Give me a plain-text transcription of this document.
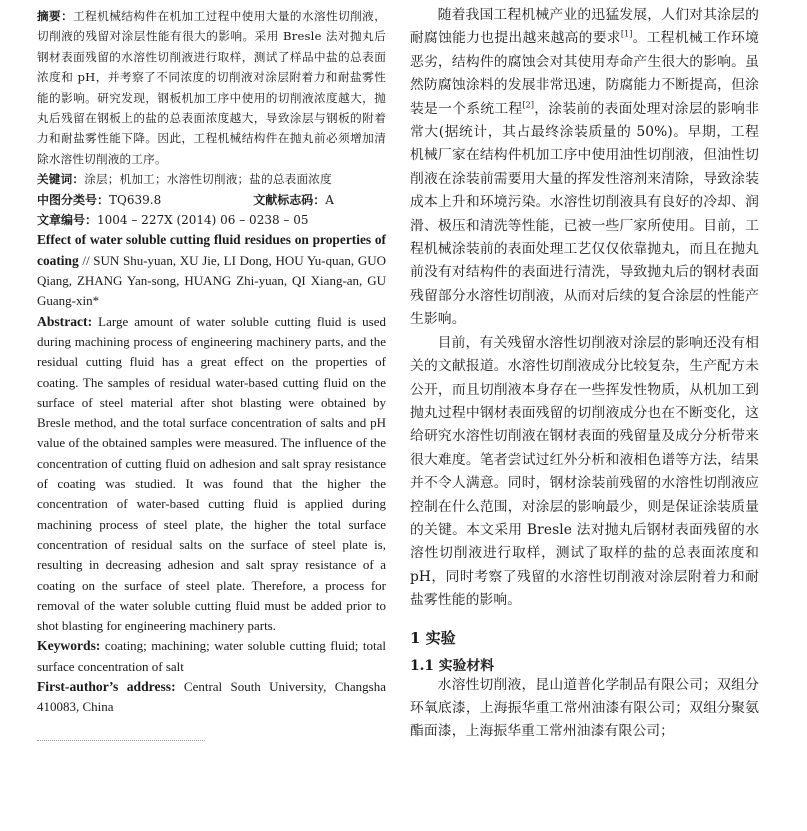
摘要：工程机械结构件在机加工过程中使用大量的水溶性切削液，切削液的残留对涂层性能有很大的影响。采用 Bresle 法对抛丸后钢材表面残留的水溶性切削液进行取样，测试了样品中盐的总表面浓度和 pH，并考察了不同浓度的切削液对涂层附着力和耐盐雾性能的影响。研究发现，钢板机加工序中使用的切削液浓度越大，抛丸后残留在钢板上的盐的总表面浓度越大，导致涂层与钢板的附着力和耐盐雾性能下降。因此，工程机械结构件在抛丸前必须增加清除水溶性切削液的工序。

关键词：涂层；机加工；水溶性切削液；盐的总表面浓度

中图分类号：TQ639.8	文献标志码：A

文章编号：1004 – 227X (2014) 06 – 0238 – 05

Effect of water soluble cutting fluid residues on properties of coating // SUN Shu-yuan, XU Jie, LI Dong, HOU Yu-quan, GUO Qiang, ZHANG Yan-song, HUANG Zhi-yuan, QI Xiang-an, GU Guang-xin*

Abstract: Large amount of water soluble cutting fluid is used during machining process of engineering machinery parts, and the residual cutting fluid has a great effect on the properties of coating. The samples of residual water-based cutting fluid on the surface of steel material after shot blasting were obtained by Bresle method, and the total surface concentration of salts and pH value of the obtained samples were measured. The influence of the concentration of cutting fluid on adhesion and salt spray resistance of coating was studied. It was found that the higher the concentration of water-based cutting fluid is applied during machining process of steel plate, the higher the total surface concentration of residual salts on the surface of steel plate is, resulting in decreasing adhesion and salt spray resistance of a coating on the surface of steel plate. Therefore, a process for removal of the water soluble cutting fluid must be added prior to shot blasting for engineering machinery parts.

Keywords: coating; machining; water soluble cutting fluid; total surface concentration of salt

First-author’s address: Central South University, Changsha 410083, China

随着我国工程机械产业的迅猛发展，人们对其涂层的耐腐蚀能力也提出越来越高的要求[1]。工程机械工作环境恶劣，结构件的腐蚀会对其使用寿命产生很大的影响。虽然防腐蚀涂料的发展非常迅速，防腐能力不断提高，但涂装是一个系统工程[2]，涂装前的表面处理对涂层的影响非常大(据统计，其占最终涂装质量的 50%)。早期，工程机械厂家在结构件机加工序中使用油性切削液，但油性切削液在涂装前需要用大量的挥发性溶剂来清除，导致涂装成本上升和环境污染。水溶性切削液具有良好的冷却、润滑、极压和清洗等性能，已被一些厂家所使用。目前，工程机械涂装前的表面处理工艺仅仅依靠抛丸，而且在抛丸前没有对结构件的表面进行清洗，导致抛丸后的钢材表面残留部分水溶性切削液，从而对后续的复合涂层的性能产生影响。

目前，有关残留水溶性切削液对涂层的影响还没有相关的文献报道。水溶性切削液成分比较复杂，生产配方未公开，而且切削液本身存在一些挥发性物质，从机加工到抛丸过程中钢材表面残留的切削液成分也在不断变化，这给研究水溶性切削液在钢材表面的残留量及成分分析带来很大难度。笔者尝试过红外分析和液相色谱等方法，结果并不令人满意。同时，钢材涂装前残留的水溶性切削液应控制在什么范围，对涂层的影响最少，则是保证涂装质量的关键。本文采用 Bresle 法对抛丸后钢材表面残留的水溶性切削液进行取样，测试了取样的盐的总表面浓度和 pH，同时考察了残留的水溶性切削液对涂层附着力和耐盐雾性能的影响。

1 实验

1.1 实验材料

水溶性切削液，昆山道普化学制品有限公司；双组分环氧底漆，上海振华重工常州油漆有限公司；双组分聚氨酯面漆，上海振华重工常州油漆有限公司；
